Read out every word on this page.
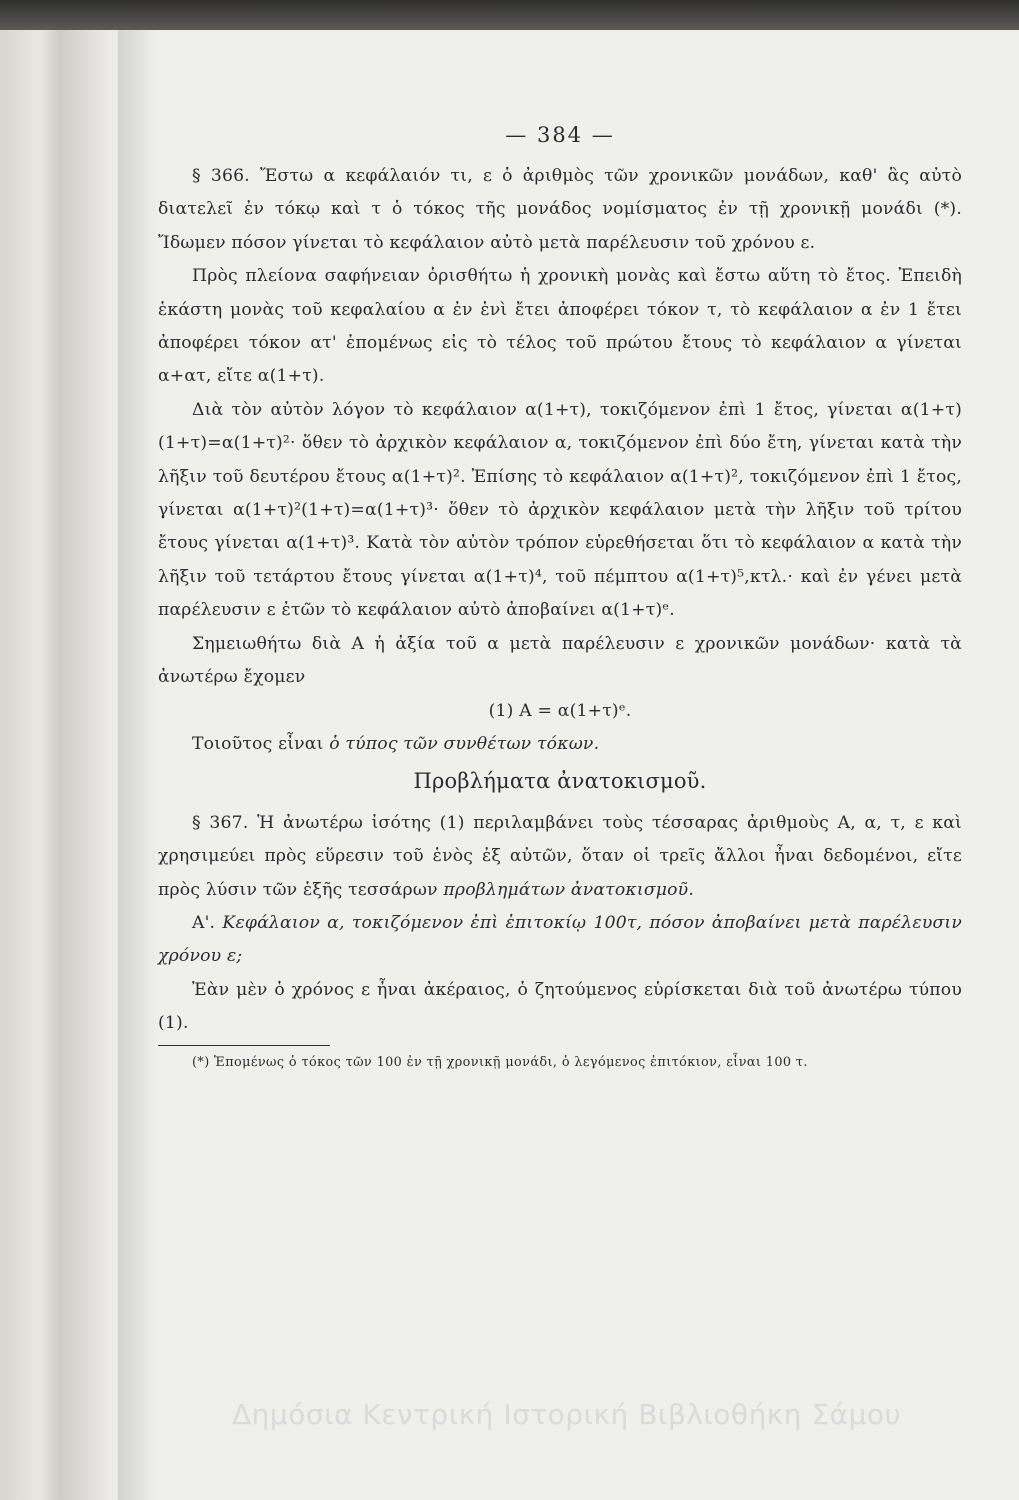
— 384 —

§ 366. Ἔστω α κεφάλαιόν τι, ε ὁ ἀριθμὸς τῶν χρονικῶν μονάδων, καθ' ἃς αὐτὸ διατελεῖ ἐν τόκῳ καὶ τ ὁ τόκος τῆς μονάδος νομίσματος ἐν τῇ χρονικῇ μονάδι (*). Ἴδωμεν πόσον γίνεται τὸ κεφάλαιον αὐτὸ μετὰ παρέλευσιν τοῦ χρόνου ε.

Πρὸς πλείονα σαφήνειαν ὁρισθήτω ἡ χρονικὴ μονὰς καὶ ἔστω αὕτη τὸ ἔτος. Ἐπειδὴ ἑκάστη μονὰς τοῦ κεφαλαίου α ἐν ἑνὶ ἔτει ἀποφέρει τόκον τ, τὸ κεφάλαιον α ἐν 1 ἔτει ἀποφέρει τόκον ατ' ἑπομένως εἰς τὸ τέλος τοῦ πρώτου ἔτους τὸ κεφάλαιον α γίνεται α+ατ, εἴτε α(1+τ).

Διὰ τὸν αὐτὸν λόγον τὸ κεφάλαιον α(1+τ), τοκιζόμενον ἐπὶ 1 ἔτος, γίνεται α(1+τ)(1+τ)=α(1+τ)²· ὅθεν τὸ ἀρχικὸν κεφάλαιον α, τοκιζόμενον ἐπὶ δύο ἔτη, γίνεται κατὰ τὴν λῆξιν τοῦ δευτέρου ἔτους α(1+τ)². Ἐπίσης τὸ κεφάλαιον α(1+τ)², τοκιζόμενον ἐπὶ 1 ἔτος, γίνεται α(1+τ)²(1+τ)=α(1+τ)³· ὅθεν τὸ ἀρχικὸν κεφάλαιον μετὰ τὴν λῆξιν τοῦ τρίτου ἔτους γίνεται α(1+τ)³. Κατὰ τὸν αὐτὸν τρόπον εὑρεθήσεται ὅτι τὸ κεφάλαιον α κατὰ τὴν λῆξιν τοῦ τετάρτου ἔτους γίνεται α(1+τ)⁴, τοῦ πέμπτου α(1+τ)⁵,κτλ.· καὶ ἐν γένει μετὰ παρέλευσιν ε ἐτῶν τὸ κεφάλαιον αὐτὸ ἀποβαίνει α(1+τ)ᵉ.

Σημειωθήτω διὰ Α ἡ ἀξία τοῦ α μετὰ παρέλευσιν ε χρονικῶν μονάδων· κατὰ τὰ ἀνωτέρω ἔχομεν

(1) Α = α(1+τ)ᵉ.

Τοιοῦτος εἶναι ὁ τύπος τῶν συνθέτων τόκων.

Προβλήματα ἀνατοκισμοῦ.

§ 367. Ἡ ἀνωτέρω ἰσότης (1) περιλαμβάνει τοὺς τέσσαρας ἀριθμοὺς Α, α, τ, ε καὶ χρησιμεύει πρὸς εὕρεσιν τοῦ ἑνὸς ἐξ αὐτῶν, ὅταν οἱ τρεῖς ἄλλοι ἦναι δεδομένοι, εἴτε πρὸς λύσιν τῶν ἑξῆς τεσσάρων προβλημάτων ἀνατοκισμοῦ.

Α'. Κεφάλαιον α, τοκιζόμενον ἐπὶ ἐπιτοκίῳ 100τ, πόσον ἀποβαίνει μετὰ παρέλευσιν χρόνου ε;

Ἐὰν μὲν ὁ χρόνος ε ἦναι ἀκέραιος, ὁ ζητούμενος εὑρίσκεται διὰ τοῦ ἀνωτέρω τύπου (1).

(*) Ἑπομένως ὁ τόκος τῶν 100 ἐν τῇ χρονικῇ μονάδι, ὁ λεγόμενος ἐπιτόκιον, εἶναι 100 τ.

Δημόσια Κεντρική Ιστορική Βιβλιοθήκη Σάμου
